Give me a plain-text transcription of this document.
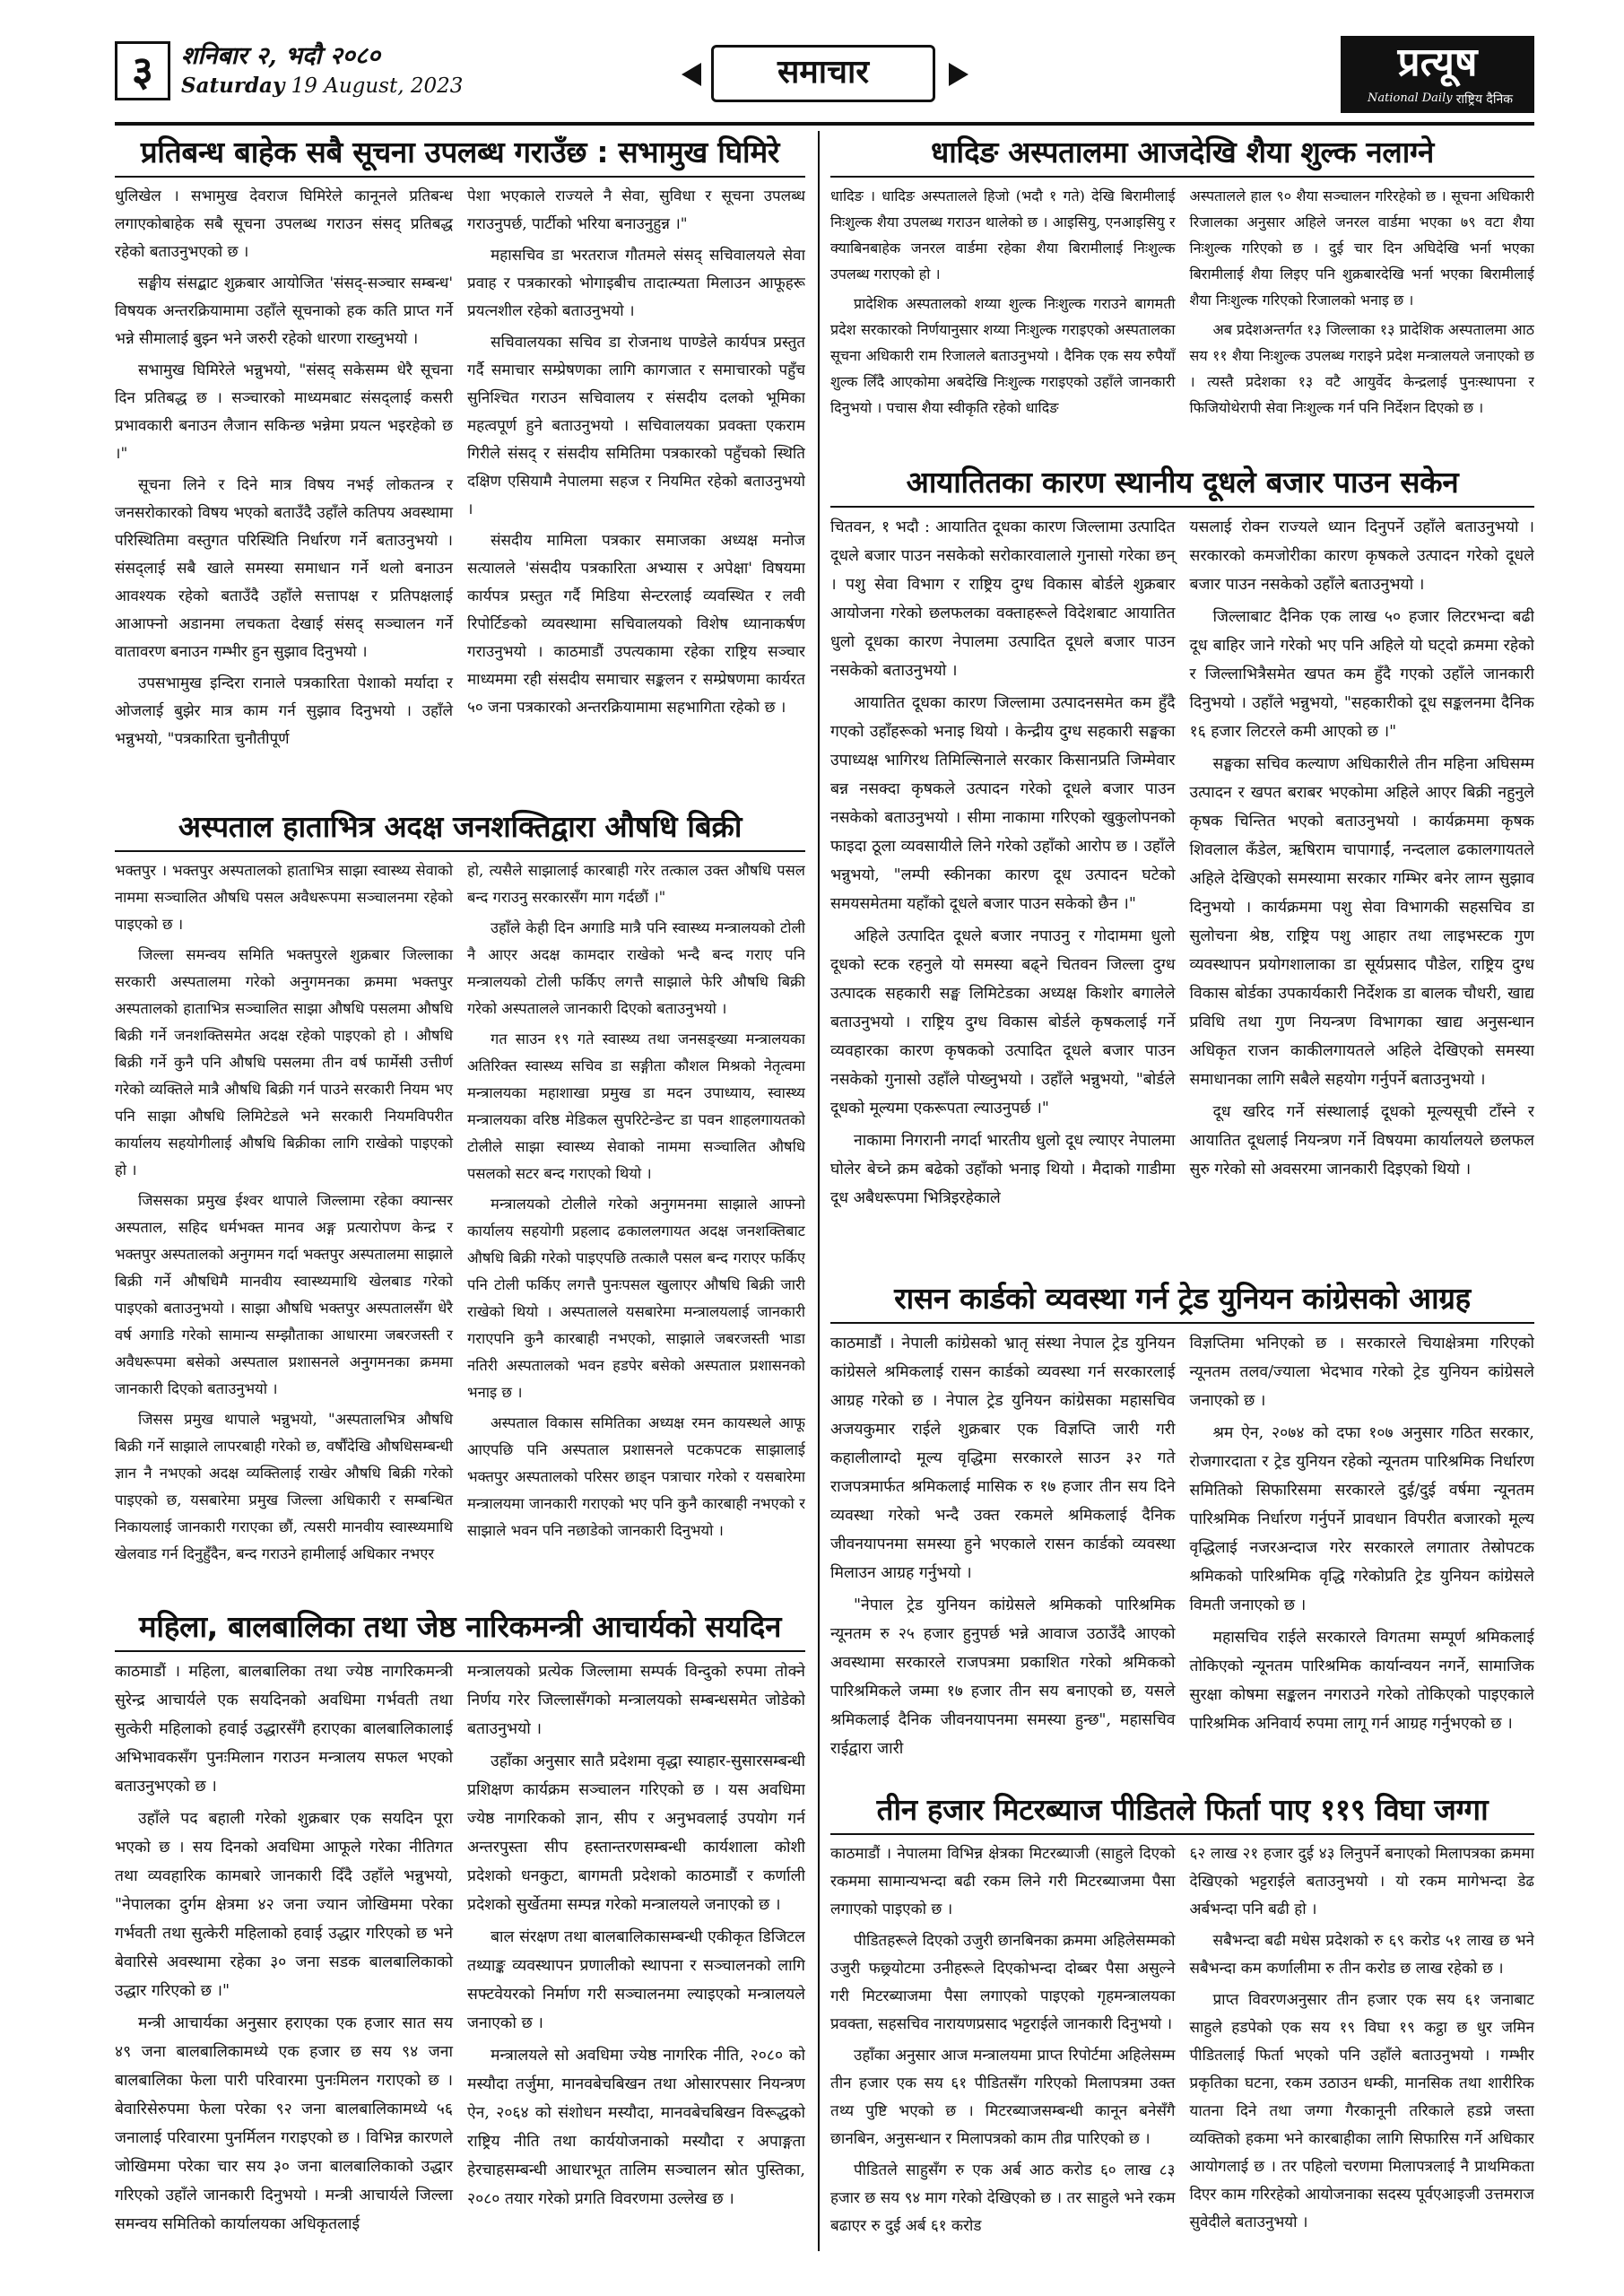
३	शनिबार २, भदौ २०८०
Saturday 19 August, 2023	समाचार	प्रत्यूष
National Daily राष्ट्रिय दैनिक
प्रतिबन्ध बाहेक सबै सूचना उपलब्ध गराउँछ : सभामुख घिमिरे

धुलिखेल । सभामुख देवराज घिमिरेले कानूनले प्रतिबन्ध लगाएकोबाहेक सबै सूचना उपलब्ध गराउन संसद् प्रतिबद्ध रहेको बताउनुभएको छ ।

सङ्घीय संसद्बाट शुक्रबार आयोजित 'संसद्-सञ्चार सम्बन्ध' विषयक अन्तरक्रियामामा उहाँले सूचनाको हक कति प्राप्त गर्ने भन्ने सीमालाई बुझ्न भने जरुरी रहेको धारणा राख्नुभयो ।

सभामुख घिमिरेले भन्नुभयो, "संसद् सकेसम्म धेरै सूचना दिन प्रतिबद्ध छ । सञ्चारको माध्यमबाट संसद्लाई कसरी प्रभावकारी बनाउन लैजान सकिन्छ भन्नेमा प्रयत्न भइरहेको छ ।"

सूचना लिने र दिने मात्र विषय नभई लोकतन्त्र र जनसरोकारको विषय भएको बताउँदै उहाँले कतिपय अवस्थामा परिस्थितिमा वस्तुगत परिस्थिति निर्धारण गर्ने बताउनुभयो । संसद्लाई सबै खाले समस्या समाधान गर्ने थलो बनाउन आवश्यक रहेको बताउँदै उहाँले सत्तापक्ष र प्रतिपक्षलाई आआफ्नो अडानमा लचकता देखाई संसद् सञ्चालन गर्ने वातावरण बनाउन गम्भीर हुन सुझाव दिनुभयो ।

उपसभामुख इन्दिरा रानाले पत्रकारिता पेशाको मर्यादा र ओजलाई बुझेर मात्र काम गर्न सुझाव दिनुभयो । उहाँले भन्नुभयो, "पत्रकारिता चुनौतीपूर्ण

पेशा भएकाले राज्यले नै सेवा, सुविधा र सूचना उपलब्ध गराउनुपर्छ, पार्टीको भरिया बनाउनुहुन्न ।"

महासचिव डा भरतराज गौतमले संसद् सचिवालयले सेवा प्रवाह र पत्रकारको भोगाइबीच तादात्म्यता मिलाउन आफूहरू प्रयत्नशील रहेको बताउनुभयो ।

सचिवालयका सचिव डा रोजनाथ पाण्डेले कार्यपत्र प्रस्तुत गर्दै समाचार सम्प्रेषणका लागि कागजात र समाचारको पहुँच सुनिश्चित गराउन सचिवालय र संसदीय दलको भूमिका महत्वपूर्ण हुने बताउनुभयो । सचिवालयका प्रवक्ता एकराम गिरीले संसद् र संसदीय समितिमा पत्रकारको पहुँचको स्थिति दक्षिण एसियामै नेपालमा सहज र नियमित रहेको बताउनुभयो ।

संसदीय मामिला पत्रकार समाजका अध्यक्ष मनोज सत्यालले 'संसदीय पत्रकारिता अभ्यास र अपेक्षा' विषयमा कार्यपत्र प्रस्तुत गर्दै मिडिया सेन्टरलाई व्यवस्थित र लवी रिपोर्टिङको व्यवस्थामा सचिवालयको विशेष ध्यानाकर्षण गराउनुभयो । काठमाडौं उपत्यकामा रहेका राष्ट्रिय सञ्चार माध्यममा रही संसदीय समाचार सङ्कलन र सम्प्रेषणमा कार्यरत ५० जना पत्रकारको अन्तरक्रियामामा सहभागिता रहेको छ ।

अस्पताल हाताभित्र अदक्ष जनशक्तिद्वारा औषधि बिक्री

भक्तपुर । भक्तपुर अस्पतालको हाताभित्र साझा स्वास्थ्य सेवाको नाममा सञ्चालित औषधि पसल अवैधरूपमा सञ्चालनमा रहेको पाइएको छ ।

जिल्ला समन्वय समिति भक्तपुरले शुक्रबार जिल्लाका सरकारी अस्पतालमा गरेको अनुगमनका क्रममा भक्तपुर अस्पतालको हाताभित्र सञ्चालित साझा औषधि पसलमा औषधि बिक्री गर्ने जनशक्तिसमेत अदक्ष रहेको पाइएको हो । औषधि बिक्री गर्ने कुनै पनि औषधि पसलमा तीन वर्ष फार्मेसी उत्तीर्ण गरेको व्यक्तिले मात्रै औषधि बिक्री गर्न पाउने सरकारी नियम भए पनि साझा औषधि लिमिटेडले भने सरकारी नियमविपरीत कार्यालय सहयोगीलाई औषधि बिक्रीका लागि राखेको पाइएको हो ।

जिससका प्रमुख ईश्वर थापाले जिल्लामा रहेका क्यान्सर अस्पताल, सहिद धर्मभक्त मानव अङ्ग प्रत्यारोपण केन्द्र र भक्तपुर अस्पतालको अनुगमन गर्दा भक्तपुर अस्पतालमा साझाले बिक्री गर्ने औषधिमै मानवीय स्वास्थ्यमाथि खेलबाड गरेको पाइएको बताउनुभयो । साझा औषधि भक्तपुर अस्पतालसँग धेरै वर्ष अगाडि गरेको सामान्य सम्झौताका आधारमा जबरजस्ती र अवैधरूपमा बसेको अस्पताल प्रशासनले अनुगमनका क्रममा जानकारी दिएको बताउनुभयो ।

जिसस प्रमुख थापाले भन्नुभयो, "अस्पतालभित्र औषधि बिक्री गर्ने साझाले लापरबाही गरेको छ, वर्षौंदेखि औषधिसम्बन्धी ज्ञान नै नभएको अदक्ष व्यक्तिलाई राखेर औषधि बिक्री गरेको पाइएको छ, यसबारेमा प्रमुख जिल्ला अधिकारी र सम्बन्धित निकायलाई जानकारी गराएका छौं, त्यसरी मानवीय स्वास्थ्यमाथि खेलवाड गर्न दिनुहुँदैन, बन्द गराउने हामीलाई अधिकार नभएर

हो, त्यसैले साझालाई कारबाही गरेर तत्काल उक्त औषधि पसल बन्द गराउनु सरकारसँग माग गर्दछौं ।"

उहाँले केही दिन अगाडि मात्रै पनि स्वास्थ्य मन्त्रालयको टोली नै आएर अदक्ष कामदार राखेको भन्दै बन्द गराए पनि मन्त्रालयको टोली फर्किए लगत्तै साझाले फेरि औषधि बिक्री गरेको अस्पतालले जानकारी दिएको बताउनुभयो ।

गत साउन १९ गते स्वास्थ्य तथा जनसङ्ख्या मन्त्रालयका अतिरिक्त स्वास्थ्य सचिव डा सङ्गीता कौशल मिश्रको नेतृत्वमा मन्त्रालयका महाशाखा प्रमुख डा मदन उपाध्याय, स्वास्थ्य मन्त्रालयका वरिष्ठ मेडिकल सुपरिटेन्डेन्ट डा पवन शाहलगायतको टोलीले साझा स्वास्थ्य सेवाको नाममा सञ्चालित औषधि पसलको सटर बन्द गराएको थियो ।

मन्त्रालयको टोलीले गरेको अनुगमनमा साझाले आफ्नो कार्यालय सहयोगी प्रहलाद ढकाललगायत अदक्ष जनशक्तिबाट औषधि बिक्री गरेको पाइएपछि तत्कालै पसल बन्द गराएर फर्किए पनि टोली फर्किए लगत्तै पुनःपसल खुलाएर औषधि बिक्री जारी राखेको थियो । अस्पतालले यसबारेमा मन्त्रालयलाई जानकारी गराएपनि कुनै कारबाही नभएको, साझाले जबरजस्ती भाडा नतिरी अस्पतालको भवन हडपेर बसेको अस्पताल प्रशासनको भनाइ छ ।

अस्पताल विकास समितिका अध्यक्ष रमन कायस्थले आफू आएपछि पनि अस्पताल प्रशासनले पटकपटक साझालाई भक्तपुर अस्पतालको परिसर छाड्न पत्राचार गरेको र यसबारेमा मन्त्रालयमा जानकारी गराएको भए पनि कुनै कारबाही नभएको र साझाले भवन पनि नछाडेको जानकारी दिनुभयो ।

महिला, बालबालिका तथा जेष्ठ नारिकमन्त्री आचार्यको सयदिन

काठमाडौं । महिला, बालबालिका तथा ज्येष्ठ नागरिकमन्त्री सुरेन्द्र आचार्यले एक सयदिनको अवधिमा गर्भवती तथा सुत्केरी महिलाको हवाई उद्धारसँगै हराएका बालबालिकालाई अभिभावकसँग पुनःमिलान गराउन मन्त्रालय सफल भएको बताउनुभएको छ ।

उहाँले पद बहाली गरेको शुक्रबार एक सयदिन पूरा भएको छ । सय दिनको अवधिमा आफूले गरेका नीतिगत तथा व्यवहारिक कामबारे जानकारी दिँदै उहाँले भन्नुभयो, "नेपालका दुर्गम क्षेत्रमा ४२ जना ज्यान जोखिममा परेका गर्भवती तथा सुत्केरी महिलाको हवाई उद्धार गरिएको छ भने बेवारिसे अवस्थामा रहेका ३० जना सडक बालबालिकाको उद्धार गरिएको छ ।"

मन्त्री आचार्यका अनुसार हराएका एक हजार सात सय ४९ जना बालबालिकामध्ये एक हजार छ सय ९४ जना बालबालिका फेला पारी परिवारमा पुनःमिलन गराएको छ । बेवारिसेरुपमा फेला परेका ९२ जना बालबालिकामध्ये ५६ जनालाई परिवारमा पुनर्मिलन गराइएको छ । विभिन्न कारणले जोखिममा परेका चार सय ३० जना बालबालिकाको उद्धार गरिएको उहाँले जानकारी दिनुभयो । मन्त्री आचार्यले जिल्ला समन्वय समितिको कार्यालयका अधिकृतलाई

मन्त्रालयको प्रत्येक जिल्लामा सम्पर्क विन्दुको रुपमा तोक्ने निर्णय गरेर जिल्लासँगको मन्त्रालयको सम्बन्धसमेत जोडेको बताउनुभयो ।

उहाँका अनुसार सातै प्रदेशमा वृद्धा स्याहार-सुसारसम्बन्धी प्रशिक्षण कार्यक्रम सञ्चालन गरिएको छ । यस अवधिमा ज्येष्ठ नागरिकको ज्ञान, सीप र अनुभवलाई उपयोग गर्न अन्तरपुस्ता सीप हस्तान्तरणसम्बन्धी कार्यशाला कोशी प्रदेशको धनकुटा, बागमती प्रदेशको काठमाडौं र कर्णाली प्रदेशको सुर्खेतमा सम्पन्न गरेको मन्त्रालयले जनाएको छ ।

बाल संरक्षण तथा बालबालिकासम्बन्धी एकीकृत डिजिटल तथ्याङ्क व्यवस्थापन प्रणालीको स्थापना र सञ्चालनको लागि सफ्टवेयरको निर्माण गरी सञ्चालनमा ल्याइएको मन्त्रालयले जनाएको छ ।

मन्त्रालयले सो अवधिमा ज्येष्ठ नागरिक नीति, २०८० को मस्यौदा तर्जुमा, मानवबेचबिखन तथा ओसारपसार नियन्त्रण ऐन, २०६४ को संशोधन मस्यौदा, मानवबेचबिखन विरूद्धको राष्ट्रिय नीति तथा कार्ययोजनाको मस्यौदा र अपाङ्गता हेरचाहसम्बन्धी आधारभूत तालिम सञ्चालन स्रोत पुस्तिका, २०८० तयार गरेको प्रगति विवरणमा उल्लेख छ ।

धादिङ अस्पतालमा आजदेखि शैया शुल्क नलाग्ने

धादिङ । धादिङ अस्पतालले हिजो (भदौ १ गते) देखि बिरामीलाई निःशुल्क शैया उपलब्ध गराउन थालेको छ । आइसियु, एनआइसियु र क्याबिनबाहेक जनरल वार्डमा रहेका शैया बिरामीलाई निःशुल्क उपलब्ध गराएको हो ।

प्रादेशिक अस्पतालको शय्या शुल्क निःशुल्क गराउने बागमती प्रदेश सरकारको निर्णयानुसार शय्या निःशुल्क गराइएको अस्पतालका सूचना अधिकारी राम रिजालले बताउनुभयो । दैनिक एक सय रुपैयाँ शुल्क लिँदै आएकोमा अबदेखि निःशुल्क गराइएको उहाँले जानकारी दिनुभयो । पचास शैया स्वीकृति रहेको धादिङ

अस्पतालले हाल ९० शैया सञ्चालन गरिरहेको छ । सूचना अधिकारी रिजालका अनुसार अहिले जनरल वार्डमा भएका ७९ वटा शैया निःशुल्क गरिएको छ । दुई चार दिन अघिदेखि भर्ना भएका बिरामीलाई शैया लिइए पनि शुक्रबारदेखि भर्ना भएका बिरामीलाई शैया निःशुल्क गरिएको रिजालको भनाइ छ ।

अब प्रदेशअन्तर्गत १३ जिल्लाका १३ प्रादेशिक अस्पतालमा आठ सय ११ शैया निःशुल्क उपलब्ध गराइने प्रदेश मन्त्रालयले जनाएको छ । त्यस्तै प्रदेशका १३ वटै आयुर्वेद केन्द्रलाई पुनःस्थापना र फिजियोथेरापी सेवा निःशुल्क गर्न पनि निर्देशन दिएको छ ।

आयातितका कारण स्थानीय दूधले बजार पाउन सकेन

चितवन, १ भदौ : आयातित दूधका कारण जिल्लामा उत्पादित दूधले बजार पाउन नसकेको सरोकारवालाले गुनासो गरेका छन् । पशु सेवा विभाग र राष्ट्रिय दुग्ध विकास बोर्डले शुक्रबार आयोजना गरेको छलफलका वक्ताहरूले विदेशबाट आयातित धुलो दूधका कारण नेपालमा उत्पादित दूधले बजार पाउन नसकेको बताउनुभयो ।

आयातित दूधका कारण जिल्लामा उत्पादनसमेत कम हुँदै गएको उहाँहरूको भनाइ थियो । केन्द्रीय दुग्ध सहकारी सङ्घका उपाध्यक्ष भागिरथ तिमिल्सिनाले सरकार किसानप्रति जिम्मेवार बन्न नसक्दा कृषकले उत्पादन गरेको दूधले बजार पाउन नसकेको बताउनुभयो । सीमा नाकामा गरिएको खुकुलोपनको फाइदा ठूला व्यवसायीले लिने गरेको उहाँको आरोप छ । उहाँले भन्नुभयो, "लम्पी स्कीनका कारण दूध उत्पादन घटेको समयसमेतमा यहाँको दूधले बजार पाउन सकेको छैन ।"

अहिले उत्पादित दूधले बजार नपाउनु र गोदाममा धुलो दूधको स्टक रहनुले यो समस्या बढ्ने चितवन जिल्ला दुग्ध उत्पादक सहकारी सङ्घ लिमिटेडका अध्यक्ष किशोर बगालेले बताउनुभयो । राष्ट्रिय दुग्ध विकास बोर्डले कृषकलाई गर्ने व्यवहारका कारण कृषकको उत्पादित दूधले बजार पाउन नसकेको गुनासो उहाँले पोख्नुभयो । उहाँले भन्नुभयो, "बोर्डले दूधको मूल्यमा एकरूपता ल्याउनुपर्छ ।"

नाकामा निगरानी नगर्दा भारतीय धुलो दूध ल्याएर नेपालमा घोलेर बेच्ने क्रम बढेको उहाँको भनाइ थियो । मैदाको गाडीमा दूध अबैधरूपमा भित्रिइरहेकाले

यसलाई रोक्न राज्यले ध्यान दिनुपर्ने उहाँले बताउनुभयो । सरकारको कमजोरीका कारण कृषकले उत्पादन गरेको दूधले बजार पाउन नसकेको उहाँले बताउनुभयो ।

जिल्लाबाट दैनिक एक लाख ५० हजार लिटरभन्दा बढी दूध बाहिर जाने गरेको भए पनि अहिले यो घट्दो क्रममा रहेको र जिल्लाभित्रैसमेत खपत कम हुँदै गएको उहाँले जानकारी दिनुभयो । उहाँले भन्नुभयो, "सहकारीको दूध सङ्कलनमा दैनिक १६ हजार लिटरले कमी आएको छ ।"

सङ्घका सचिव कल्याण अधिकारीले तीन महिना अघिसम्म उत्पादन र खपत बराबर भएकोमा अहिले आएर बिक्री नहुनुले कृषक चिन्तित भएको बताउनुभयो । कार्यक्रममा कृषक शिवलाल कँडेल, ऋषिराम चापागाईं, नन्दलाल ढकालगायतले अहिले देखिएको समस्यामा सरकार गम्भिर बनेर लाग्न सुझाव दिनुभयो । कार्यक्रममा पशु सेवा विभागकी सहसचिव डा सुलोचना श्रेष्ठ, राष्ट्रिय पशु आहार तथा लाइभस्टक गुण व्यवस्थापन प्रयोगशालाका डा सूर्यप्रसाद पौडेल, राष्ट्रिय दुग्ध विकास बोर्डका उपकार्यकारी निर्देशक डा बालक चौधरी, खाद्य प्रविधि तथा गुण नियन्त्रण विभागका खाद्य अनुसन्धान अधिकृत राजन काकीलगायतले अहिले देखिएको समस्या समाधानका लागि सबैले सहयोग गर्नुपर्ने बताउनुभयो ।

दूध खरिद गर्ने संस्थालाई दूधको मूल्यसूची टाँस्ने र आयातित दूधलाई नियन्त्रण गर्ने विषयमा कार्यालयले छलफल सुरु गरेको सो अवसरमा जानकारी दिइएको थियो ।

रासन कार्डको व्यवस्था गर्न ट्रेड युनियन कांग्रेसको आग्रह

काठमाडौं । नेपाली कांग्रेसको भ्रातृ संस्था नेपाल ट्रेड युनियन कांग्रेसले श्रमिकलाई रासन कार्डको व्यवस्था गर्न सरकारलाई आग्रह गरेको छ । नेपाल ट्रेड युनियन कांग्रेसका महासचिव अजयकुमार राईले शुक्रबार एक विज्ञप्ति जारी गरी कहालीलाग्दो मूल्य वृद्धिमा सरकारले साउन ३२ गते राजपत्रमार्फत श्रमिकलाई मासिक रु १७ हजार तीन सय दिने व्यवस्था गरेको भन्दै उक्त रकमले श्रमिकलाई दैनिक जीवनयापनमा समस्या हुने भएकाले रासन कार्डको व्यवस्था मिलाउन आग्रह गर्नुभयो ।

"नेपाल ट्रेड युनियन कांग्रेसले श्रमिकको पारिश्रमिक न्यूनतम रु २५ हजार हुनुपर्छ भन्ने आवाज उठाउँदै आएको अवस्थामा सरकारले राजपत्रमा प्रकाशित गरेको श्रमिकको पारिश्रमिकले जम्मा १७ हजार तीन सय बनाएको छ, यसले श्रमिकलाई दैनिक जीवनयापनमा समस्या हुन्छ", महासचिव राईद्वारा जारी

विज्ञप्तिमा भनिएको छ । सरकारले चियाक्षेत्रमा गरिएको न्यूनतम तलव/ज्याला भेदभाव गरेको ट्रेड युनियन कांग्रेसले जनाएको छ ।

श्रम ऐन, २०७४ को दफा १०७ अनुसार गठित सरकार, रोजगारदाता र ट्रेड युनियन रहेको न्यूनतम पारिश्रमिक निर्धारण समितिको सिफारिसमा सरकारले दुई/दुई वर्षमा न्यूनतम पारिश्रमिक निर्धारण गर्नुपर्ने प्रावधान विपरीत बजारको मूल्य वृद्धिलाई नजरअन्दाज गरेर सरकारले लगातार तेस्रोपटक श्रमिकको पारिश्रमिक वृद्धि गरेकोप्रति ट्रेड युनियन कांग्रेसले विमती जनाएको छ ।

महासचिव राईले सरकारले विगतमा सम्पूर्ण श्रमिकलाई तोकिएको न्यूनतम पारिश्रमिक कार्यान्वयन नगर्ने, सामाजिक सुरक्षा कोषमा सङ्कलन नगराउने गरेको तोकिएको पाइएकाले पारिश्रमिक अनिवार्य रुपमा लागू गर्न आग्रह गर्नुभएको छ ।

तीन हजार मिटरब्याज पीडितले फिर्ता पाए ११९ विघा जग्गा

काठमाडौं । नेपालमा विभिन्न क्षेत्रका मिटरब्याजी (साहुले दिएको रकममा सामान्यभन्दा बढी रकम लिने गरी मिटरब्याजमा पैसा लगाएको पाइएको छ ।

पीडितहरूले दिएको उजुरी छानबिनका क्रममा अहिलेसम्मको उजुरी फछ्र्योटमा उनीहरूले दिएकोभन्दा दोब्बर पैसा असुल्ने गरी मिटरब्याजमा पैसा लगाएको पाइएको गृहमन्त्रालयका प्रवक्ता, सहसचिव नारायणप्रसाद भट्टराईले जानकारी दिनुभयो ।

उहाँका अनुसार आज मन्त्रालयमा प्राप्त रिपोर्टमा अहिलेसम्म तीन हजार एक सय ६१ पीडितसँग गरिएको मिलापत्रमा उक्त तथ्य पुष्टि भएको छ । मिटरब्याजसम्बन्धी कानून बनेसँगै छानबिन, अनुसन्धान र मिलापत्रको काम तीव्र पारिएको छ ।

पीडितले साहुसँग रु एक अर्ब आठ करोड ६० लाख ८३ हजार छ सय ९४ माग गरेको देखिएको छ । तर साहुले भने रकम बढाएर रु दुई अर्ब ६१ करोड

६२ लाख २१ हजार दुई ४३ लिनुपर्ने बनाएको मिलापत्रका क्रममा देखिएको भट्टराईले बताउनुभयो । यो रकम मागेभन्दा डेढ अर्बभन्दा पनि बढी हो ।

सबैभन्दा बढी मधेस प्रदेशको रु ६९ करोड ५१ लाख छ भने सबैभन्दा कम कर्णालीमा रु तीन करोड छ लाख रहेको छ ।

प्राप्त विवरणअनुसार तीन हजार एक सय ६१ जनाबाट साहुले हडपेको एक सय १९ विघा १९ कट्ठा छ धुर जमिन पीडितलाई फिर्ता भएको पनि उहाँले बताउनुभयो । गम्भीर प्रकृतिका घटना, रकम उठाउन धम्की, मानसिक तथा शारीरिक यातना दिने तथा जग्गा गैरकानूनी तरिकाले हडप्ने जस्ता व्यक्तिको हकमा भने कारबाहीका लागि सिफारिस गर्ने अधिकार आयोगलाई छ । तर पहिलो चरणमा मिलापत्रलाई नै प्राथमिकता दिएर काम गरिरहेको आयोजनाका सदस्य पूर्वएआइजी उत्तमराज सुवेदीले बताउनुभयो ।
